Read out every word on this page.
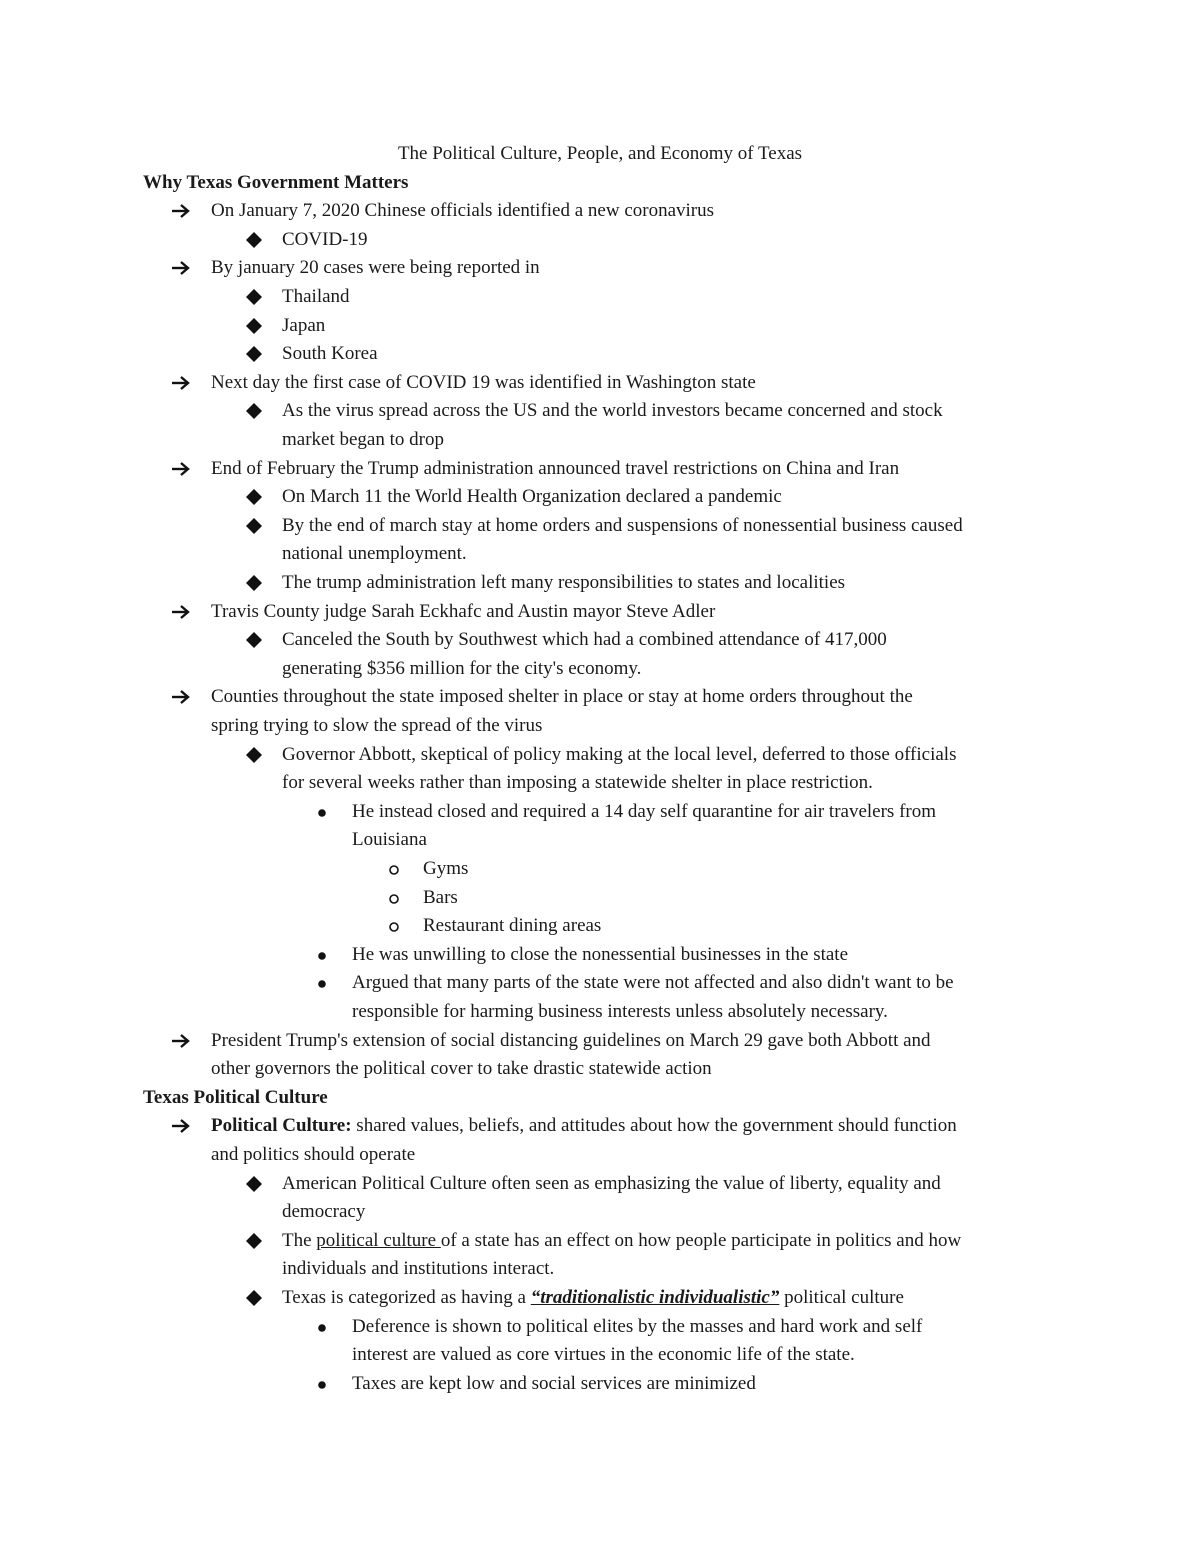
The Political Culture, People, and Economy of Texas
Why Texas Government Matters
On January 7, 2020 Chinese officials identified a new coronavirus
COVID-19
By january 20 cases were being reported in
Thailand
Japan
South Korea
Next day the first case of COVID 19 was identified in Washington state
As the virus spread across the US and the world investors became concerned and stock
market began to drop
End of February the Trump administration announced travel restrictions on China and Iran
On March 11 the World Health Organization declared a pandemic
By the end of march stay at home orders and suspensions of nonessential business caused
national unemployment.
The trump administration left many responsibilities to states and localities
Travis County judge Sarah Eckhafc and Austin mayor Steve Adler
Canceled the South by Southwest which had a combined attendance of 417,000
generating $356 million for the city's economy.
Counties throughout the state imposed shelter in place or stay at home orders throughout the
spring trying to slow the spread of the virus
Governor Abbott, skeptical of policy making at the local level, deferred to those officials
for several weeks rather than imposing a statewide shelter in place restriction.
He instead closed and required a 14 day self quarantine for air travelers from
Louisiana
Gyms
Bars
Restaurant dining areas
He was unwilling to close the nonessential businesses in the state
Argued that many parts of the state were not affected and also didn't want to be
responsible for harming business interests unless absolutely necessary.
President Trump's extension of social distancing guidelines on March 29 gave both Abbott and
other governors the political cover to take drastic statewide action
Texas Political Culture
Political Culture: shared values, beliefs, and attitudes about how the government should function
and politics should operate
American Political Culture often seen as emphasizing the value of liberty, equality and
democracy
The political culture of a state has an effect on how people participate in politics and how
individuals and institutions interact.
Texas is categorized as having a “traditionalistic individualistic” political culture
Deference is shown to political elites by the masses and hard work and self
interest are valued as core virtues in the economic life of the state.
Taxes are kept low and social services are minimized
